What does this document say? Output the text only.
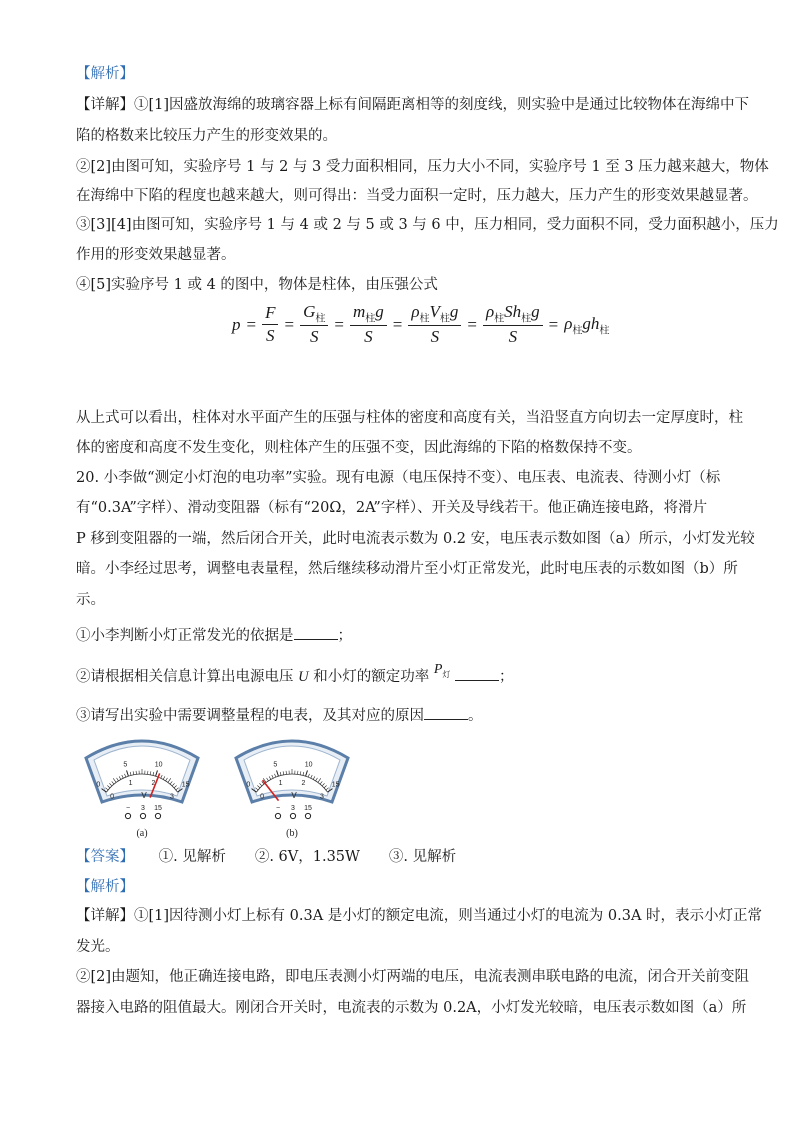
【解析】
【详解】①[1]因盛放海绵的玻璃容器上标有间隔距离相等的刻度线，则实验中是通过比较物体在海绵中下
陷的格数来比较压力产生的形变效果的。
②[2]由图可知，实验序号 1 与 2 与 3 受力面积相同，压力大小不同，实验序号 1 至 3 压力越来越大，物体
在海绵中下陷的程度也越来越大，则可得出：当受力面积一定时，压力越大，压力产生的形变效果越显著。
③[3][4]由图可知，实验序号 1 与 4 或 2 与 5 或 3 与 6 中，压力相同，受力面积不同，受力面积越小，压力
作用的形变效果越显著。
④[5]实验序号 1 或 4 的图中，物体是柱体，由压强公式
$p = \frac{F}{S} = \frac{G_柱}{S} = \frac{m_柱g}{S} = \frac{\rho_柱V_柱g}{S} = \frac{\rho_柱Sh_柱g}{S} = \rho_柱gh_柱$
从上式可以看出，柱体对水平面产生的压强与柱体的密度和高度有关，当沿竖直方向切去一定厚度时，柱
体的密度和高度不发生变化，则柱体产生的压强不变，因此海绵的下陷的格数保持不变。
20. 小李做“测定小灯泡的电功率”实验。现有电源（电压保持不变）、电压表、电流表、待测小灯（标
有“0.3A”字样）、滑动变阻器（标有“20Ω，2A”字样）、开关及导线若干。他正确连接电路，将滑片
P 移到变阻器的一端，然后闭合开关，此时电流表示数为 0.2 安，电压表示数如图（a）所示，小灯发光较
暗。小李经过思考，调整电表量程，然后继续移动滑片至小灯正常发光，此时电压表的示数如图（b）所
示。
①小李判断小灯正常发光的依据是	；
②请根据相关信息计算出电源电压 U 和小灯的额定功率 $P_灯$	；
③请写出实验中需要调整量程的电表，及其对应的原因	。
0
5	10
15
0
1	2
3
V
− 3 15
(a)
0
5	10
15
0
1	2
3
V
− 3 15
(b)
【答案】 ①. 见解析　　②. 6V，1.35W　　③. 见解析
【解析】
【详解】①[1]因待测小灯上标有 0.3A 是小灯的额定电流，则当通过小灯的电流为 0.3A 时，表示小灯正常
发光。
②[2]由题知，他正确连接电路，即电压表测小灯两端的电压，电流表测串联电路的电流，闭合开关前变阻
器接入电路的阻值最大。刚闭合开关时，电流表的示数为 0.2A，小灯发光较暗，电压表示数如图（a）所
